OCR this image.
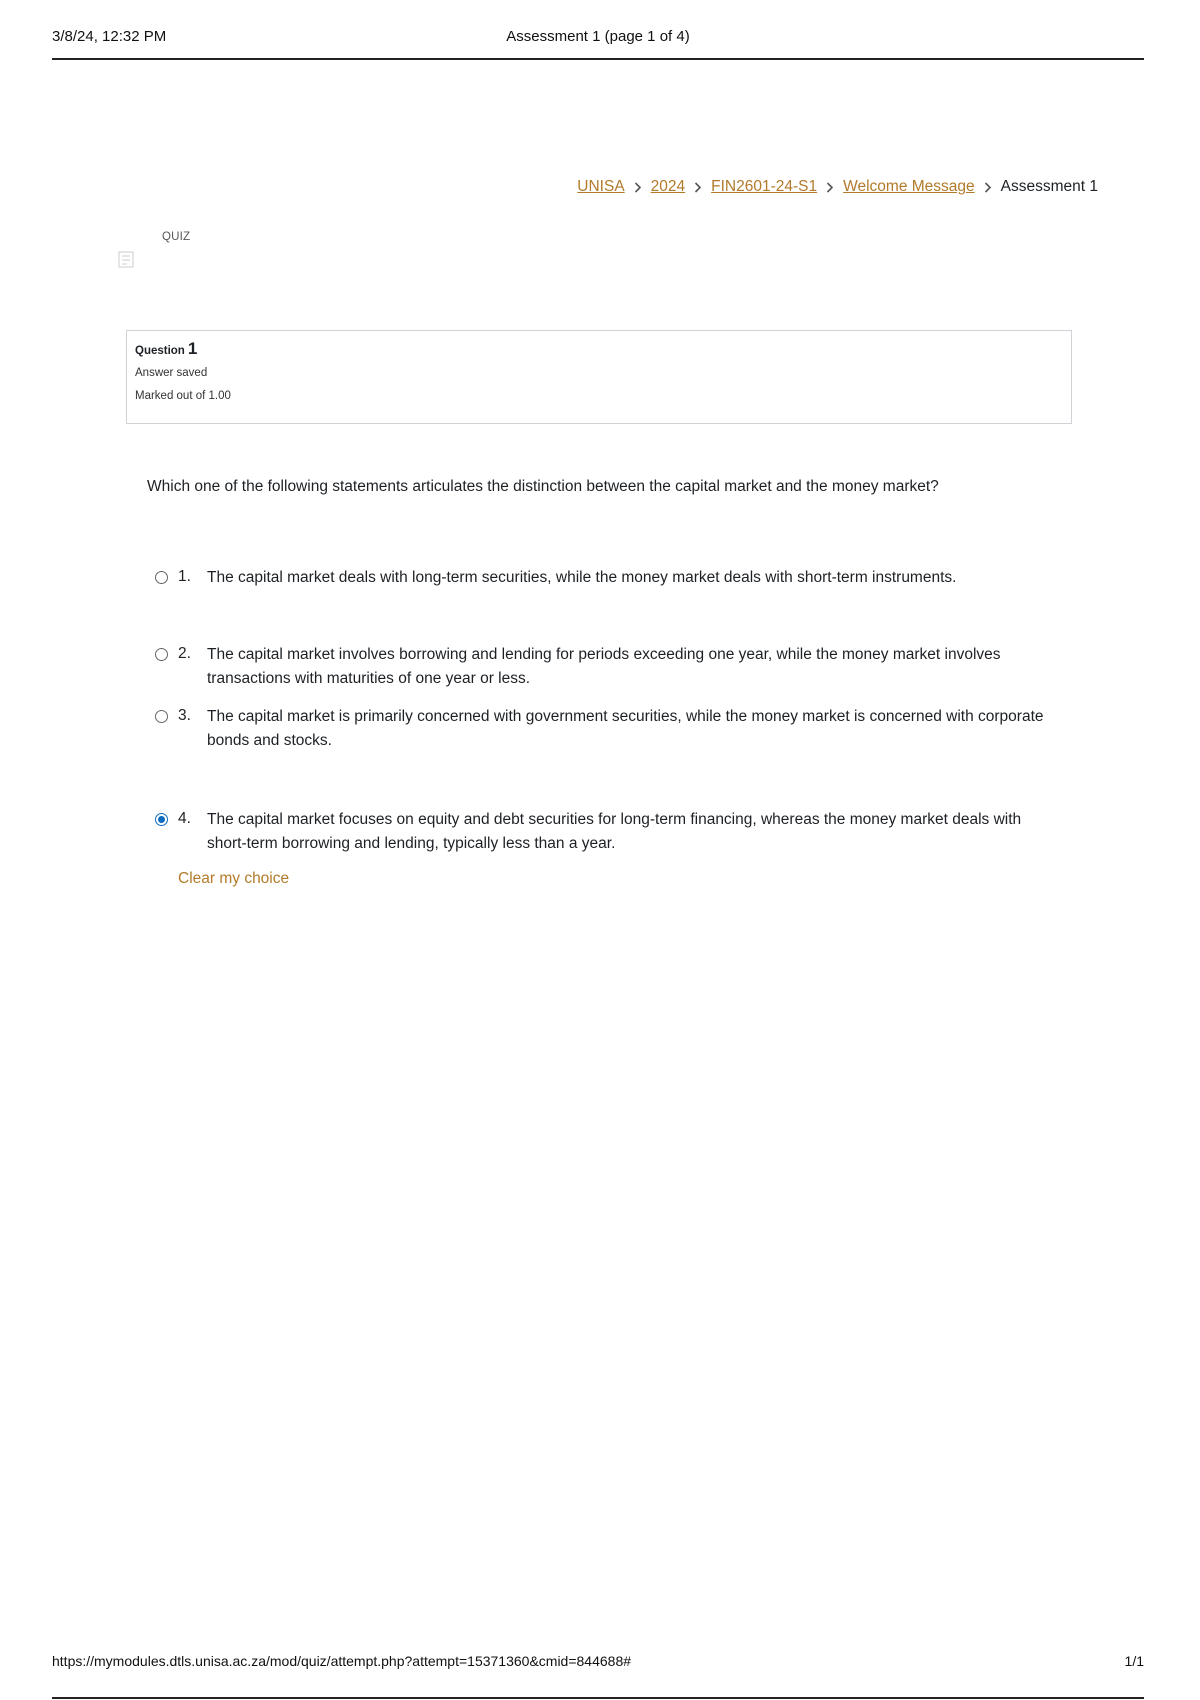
3/8/24, 12:32 PM	Assessment 1 (page 1 of 4)
UNISA 2024 FIN2601-24-S1 Welcome Message Assessment 1
QUIZ
Question 1
Answer saved
Marked out of 1.00
Which one of the following statements articulates the distinction between the capital market and the money market?
1.	The capital market deals with long-term securities, while the money market deals with short-term instruments.
2.	The capital market involves borrowing and lending for periods exceeding one year, while the money market involves transactions with maturities of one year or less.
3.	The capital market is primarily concerned with government securities, while the money market is concerned with corporate bonds and stocks.
4.	The capital market focuses on equity and debt securities for long-term financing, whereas the money market deals with short-term borrowing and lending, typically less than a year.
Clear my choice
https://mymodules.dtls.unisa.ac.za/mod/quiz/attempt.php?attempt=15371360&cmid=844688#	1/1
